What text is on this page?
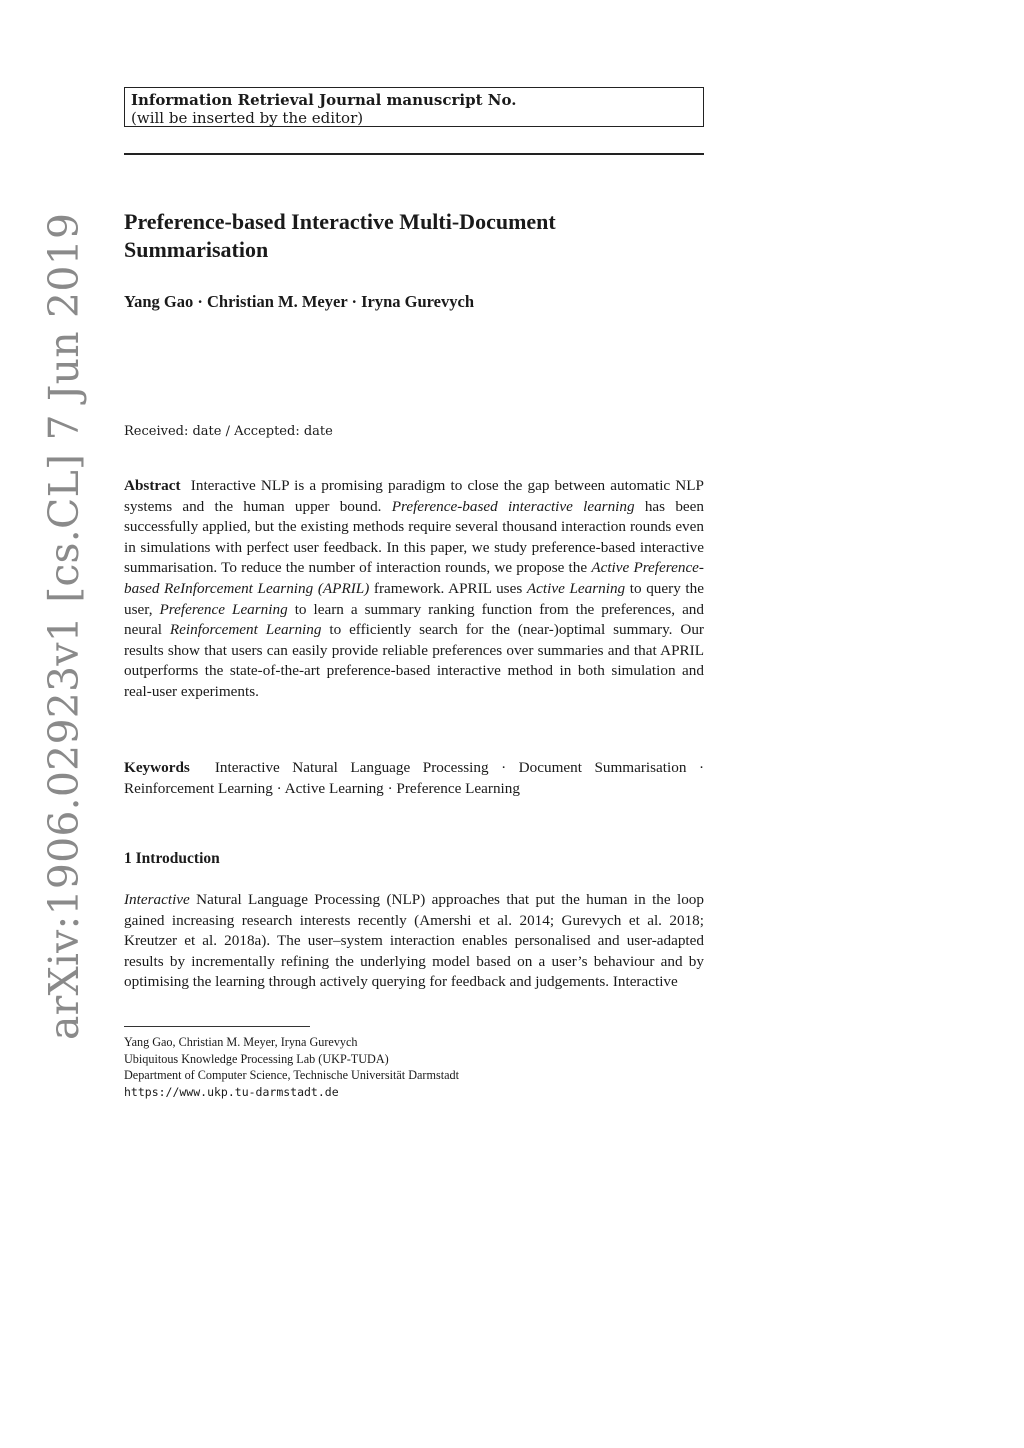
arXiv:1906.02923v1 [cs.CL] 7 Jun 2019
Information Retrieval Journal manuscript No.
(will be inserted by the editor)
Preference-based Interactive Multi-Document Summarisation
Yang Gao · Christian M. Meyer · Iryna Gurevych
Received: date / Accepted: date
Abstract Interactive NLP is a promising paradigm to close the gap between automatic NLP systems and the human upper bound. Preference-based interactive learning has been successfully applied, but the existing methods require several thousand interaction rounds even in simulations with perfect user feedback. In this paper, we study preference-based interactive summarisation. To reduce the number of interaction rounds, we propose the Active Preference-based ReInforcement Learning (APRIL) framework. APRIL uses Active Learning to query the user, Preference Learning to learn a summary ranking function from the preferences, and neural Reinforcement Learning to efficiently search for the (near-)optimal summary. Our results show that users can easily provide reliable preferences over summaries and that APRIL outperforms the state-of-the-art preference-based interactive method in both simulation and real-user experiments.
Keywords Interactive Natural Language Processing · Document Summarisation · Reinforcement Learning · Active Learning · Preference Learning
1 Introduction
Interactive Natural Language Processing (NLP) approaches that put the human in the loop gained increasing research interests recently (Amershi et al. 2014; Gurevych et al. 2018; Kreutzer et al. 2018a). The user–system interaction enables personalised and user-adapted results by incrementally refining the underlying model based on a user’s behaviour and by optimising the learning through actively querying for feedback and judgements. Interactive
Yang Gao, Christian M. Meyer, Iryna Gurevych
Ubiquitous Knowledge Processing Lab (UKP-TUDA)
Department of Computer Science, Technische Universität Darmstadt
https://www.ukp.tu-darmstadt.de
